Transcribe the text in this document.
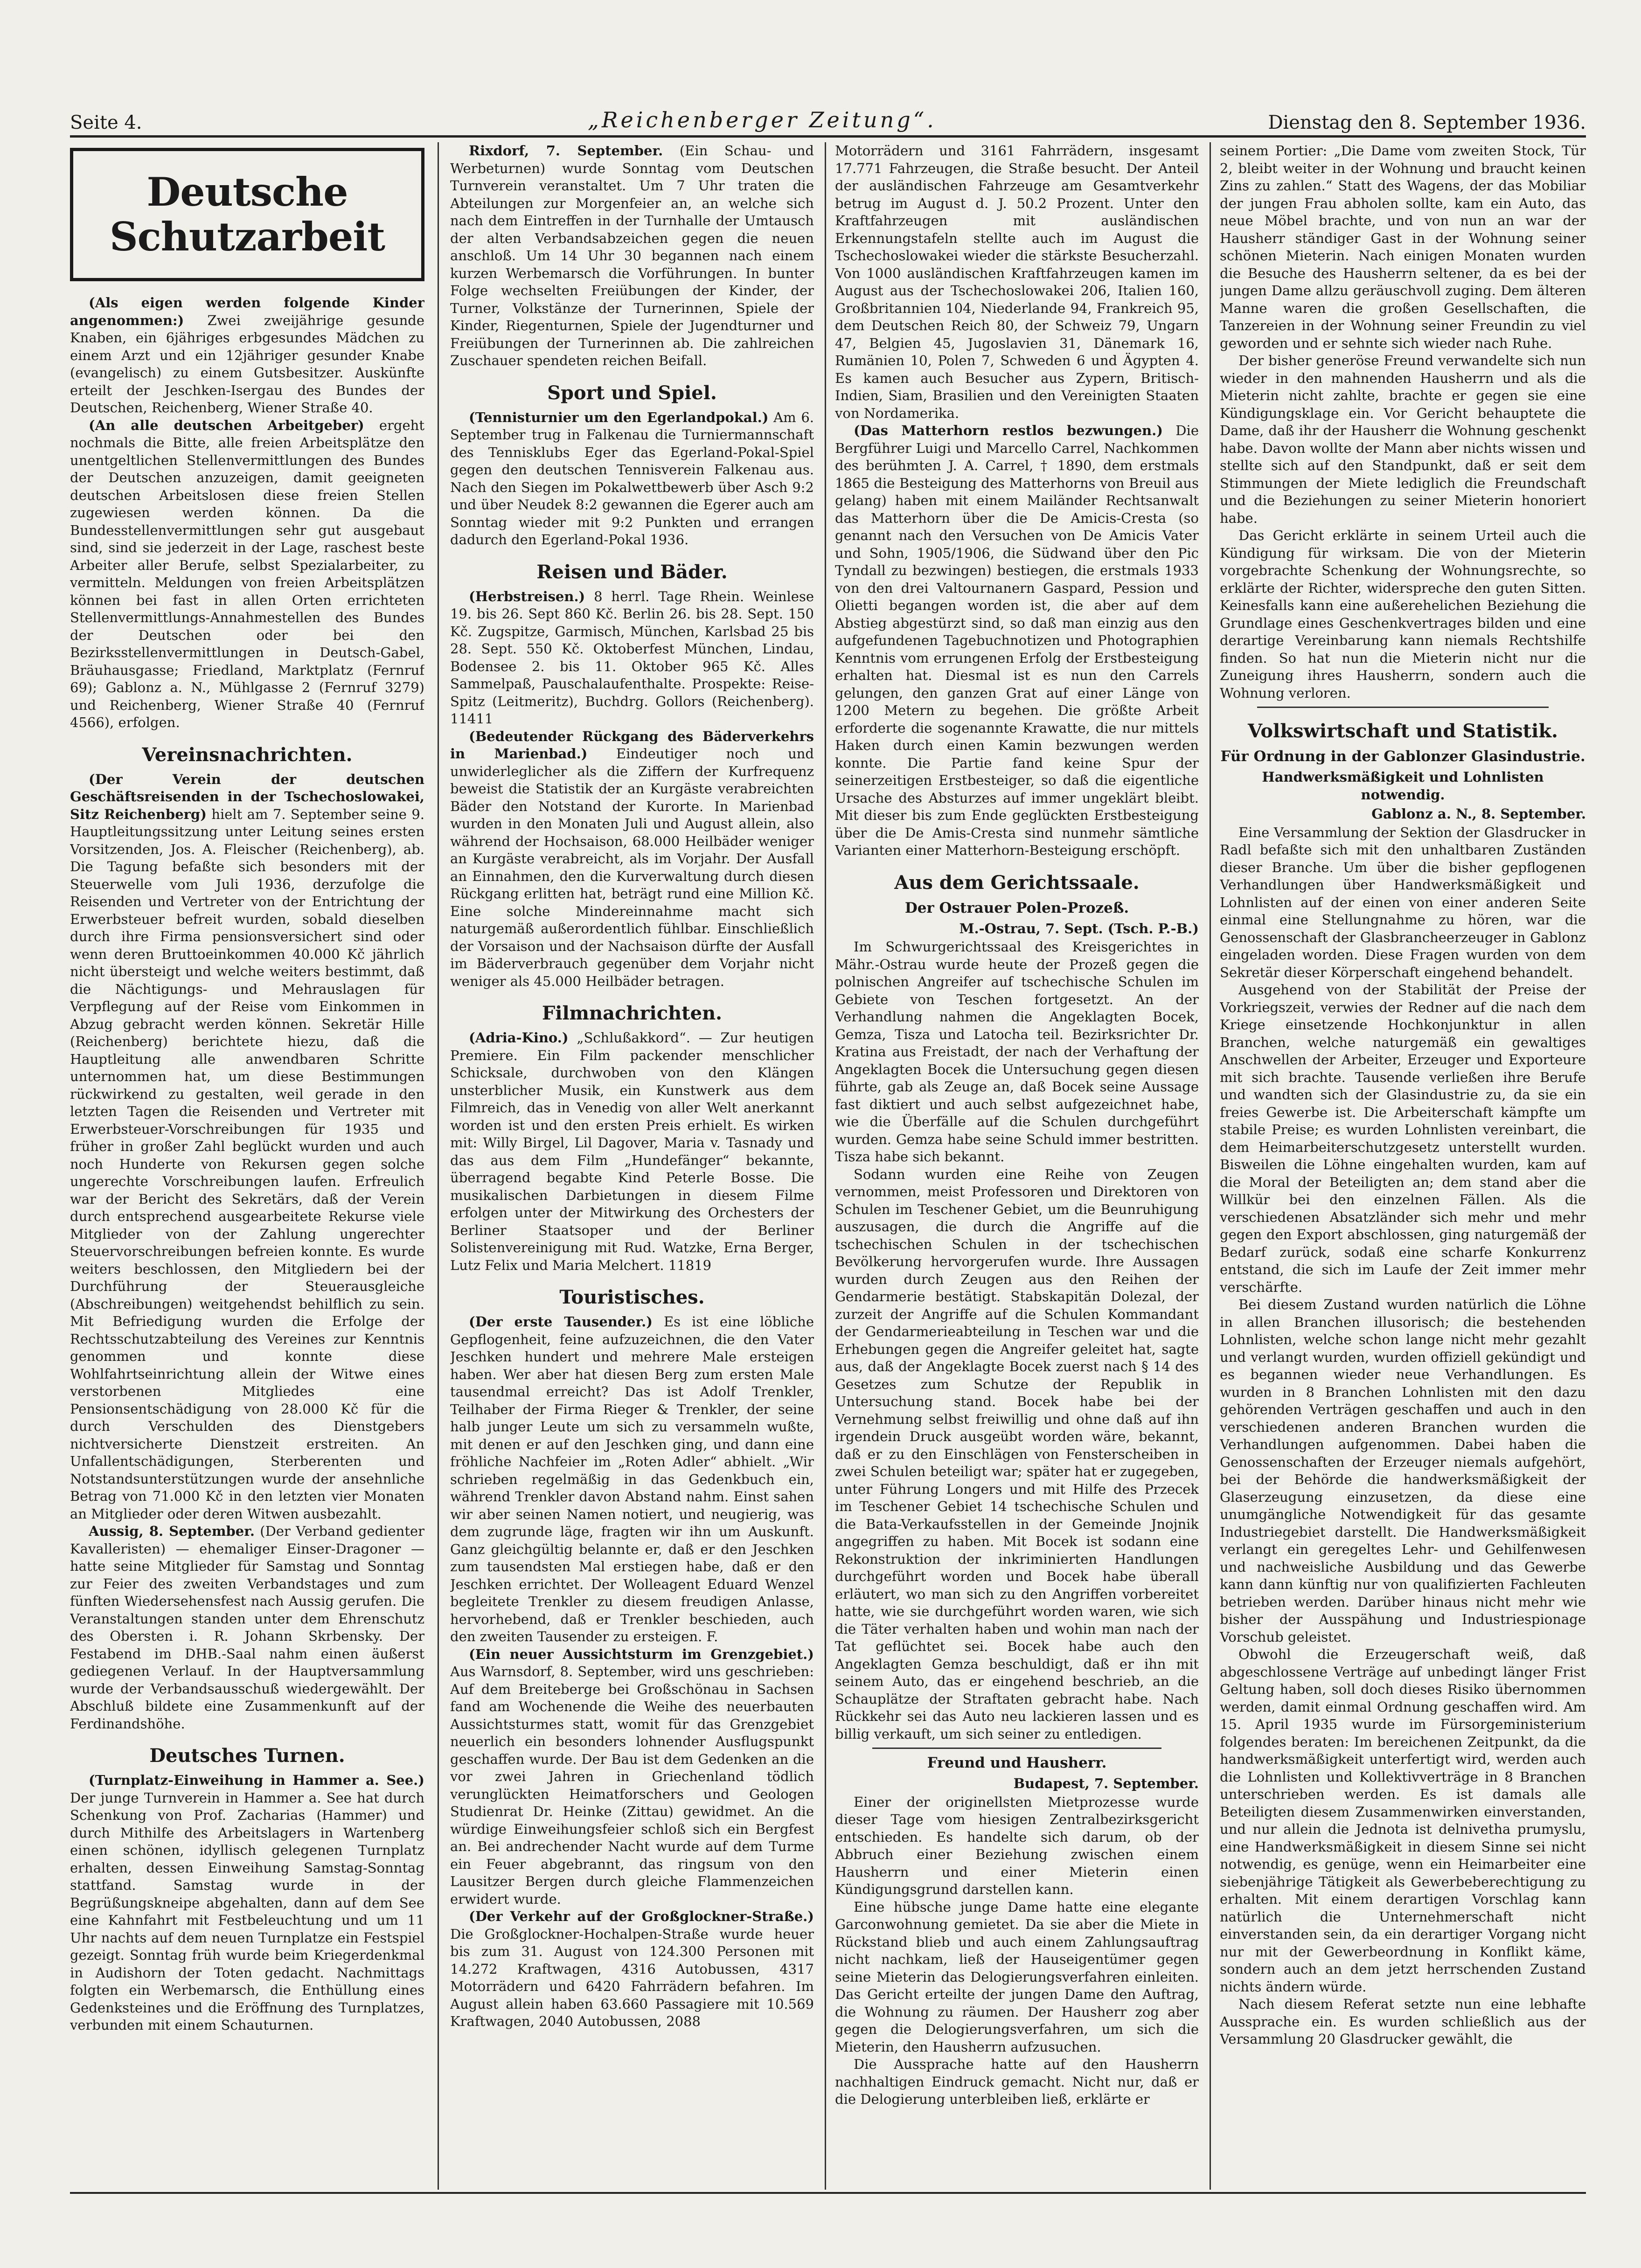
Seite 4.	„Reichenberger Zeitung“.	Dienstag den 8. September 1936.
Deutsche Schutzarbeit

(Als eigen werden folgende Kinder angenommen:) Zwei zweijährige gesunde Knaben, ein 6jähriges erbgesundes Mädchen zu einem Arzt und ein 12jähriger gesunder Knabe (evangelisch) zu einem Gutsbesitzer. Auskünfte erteilt der Jeschken-Isergau des Bundes der Deutschen, Reichenberg, Wiener Straße 40.

(An alle deutschen Arbeitgeber) ergeht nochmals die Bitte, alle freien Arbeitsplätze den unentgeltlichen Stellenvermittlungen des Bundes der Deutschen anzuzeigen, damit geeigneten deutschen Arbeitslosen diese freien Stellen zugewiesen werden können. Da die Bundesstellenvermittlungen sehr gut ausgebaut sind, sind sie jederzeit in der Lage, raschest beste Arbeiter aller Berufe, selbst Spezialarbeiter, zu vermitteln. Meldungen von freien Arbeitsplätzen können bei fast in allen Orten errichteten Stellenvermittlungs-Annahmestellen des Bundes der Deutschen oder bei den Bezirksstellenvermittlungen in Deutsch-Gabel, Bräuhausgasse; Friedland, Marktplatz (Fernruf 69); Gablonz a. N., Mühlgasse 2 (Fernruf 3279) und Reichenberg, Wiener Straße 40 (Fernruf 4566), erfolgen.

Vereinsnachrichten.

(Der Verein der deutschen Geschäftsreisenden in der Tschechoslowakei, Sitz Reichenberg) hielt am 7. September seine 9. Hauptleitungssitzung unter Leitung seines ersten Vorsitzenden, Jos. A. Fleischer (Reichenberg), ab. Die Tagung befaßte sich besonders mit der Steuerwelle vom Juli 1936, derzufolge die Reisenden und Vertreter von der Entrichtung der Erwerbsteuer befreit wurden, sobald dieselben durch ihre Firma pensionsversichert sind oder wenn deren Bruttoeinkommen 40.000 Kč jährlich nicht übersteigt und welche weiters bestimmt, daß die Nächtigungs- und Mehrauslagen für Verpflegung auf der Reise vom Einkommen in Abzug gebracht werden können. Sekretär Hille (Reichenberg) berichtete hiezu, daß die Hauptleitung alle anwendbaren Schritte unternommen hat, um diese Bestimmungen rückwirkend zu gestalten, weil gerade in den letzten Tagen die Reisenden und Vertreter mit Erwerbsteuer-Vorschreibungen für 1935 und früher in großer Zahl beglückt wurden und auch noch Hunderte von Rekursen gegen solche ungerechte Vorschreibungen laufen. Erfreulich war der Bericht des Sekretärs, daß der Verein durch entsprechend ausgearbeitete Rekurse viele Mitglieder von der Zahlung ungerechter Steuervorschreibungen befreien konnte. Es wurde weiters beschlossen, den Mitgliedern bei der Durchführung der Steuerausgleiche (Abschreibungen) weitgehendst behilflich zu sein. Mit Befriedigung wurden die Erfolge der Rechtsschutzabteilung des Vereines zur Kenntnis genommen und konnte diese Wohlfahrtseinrichtung allein der Witwe eines verstorbenen Mitgliedes eine Pensionsentschädigung von 28.000 Kč für die durch Verschulden des Dienstgebers nichtversicherte Dienstzeit erstreiten. An Unfallentschädigungen, Sterberenten und Notstandsunterstützungen wurde der ansehnliche Betrag von 71.000 Kč in den letzten vier Monaten an Mitglieder oder deren Witwen ausbezahlt.

Aussig, 8. September. (Der Verband gedienter Kavalleristen) — ehemaliger Einser-Dragoner — hatte seine Mitglieder für Samstag und Sonntag zur Feier des zweiten Verbandstages und zum fünften Wiedersehensfest nach Aussig gerufen. Die Veranstaltungen standen unter dem Ehrenschutz des Obersten i. R. Johann Skrbensky. Der Festabend im DHB.-Saal nahm einen äußerst gediegenen Verlauf. In der Hauptversammlung wurde der Verbandsausschuß wiedergewählt. Der Abschluß bildete eine Zusammenkunft auf der Ferdinandshöhe.

Deutsches Turnen.

(Turnplatz-Einweihung in Hammer a. See.) Der junge Turnverein in Hammer a. See hat durch Schenkung von Prof. Zacharias (Hammer) und durch Mithilfe des Arbeitslagers in Wartenberg einen schönen, idyllisch gelegenen Turnplatz erhalten, dessen Einweihung Samstag-Sonntag stattfand. Samstag wurde in der Begrüßungskneipe abgehalten, dann auf dem See eine Kahnfahrt mit Festbeleuchtung und um 11 Uhr nachts auf dem neuen Turnplatze ein Festspiel gezeigt. Sonntag früh wurde beim Kriegerdenkmal in Audishorn der Toten gedacht. Nachmittags folgten ein Werbemarsch, die Enthüllung eines Gedenksteines und die Eröffnung des Turnplatzes, verbunden mit einem Schauturnen.

Rixdorf, 7. September. (Ein Schau- und Werbeturnen) wurde Sonntag vom Deutschen Turnverein veranstaltet. Um 7 Uhr traten die Abteilungen zur Morgenfeier an, an welche sich nach dem Eintreffen in der Turnhalle der Umtausch der alten Verbandsabzeichen gegen die neuen anschloß. Um 14 Uhr 30 begannen nach einem kurzen Werbemarsch die Vorführungen. In bunter Folge wechselten Freiübungen der Kinder, der Turner, Volkstänze der Turnerinnen, Spiele der Kinder, Riegenturnen, Spiele der Jugendturner und Freiübungen der Turnerinnen ab. Die zahlreichen Zuschauer spendeten reichen Beifall.

Sport und Spiel.

(Tennisturnier um den Egerlandpokal.) Am 6. September trug in Falkenau die Turniermannschaft des Tennisklubs Eger das Egerland-Pokal-Spiel gegen den deutschen Tennisverein Falkenau aus. Nach den Siegen im Pokalwettbewerb über Asch 9:2 und über Neudek 8:2 gewannen die Egerer auch am Sonntag wieder mit 9:2 Punkten und errangen dadurch den Egerland-Pokal 1936.

Reisen und Bäder.

(Herbstreisen.) 8 herrl. Tage Rhein. Weinlese 19. bis 26. Sept 860 Kč. Berlin 26. bis 28. Sept. 150 Kč. Zugspitze, Garmisch, München, Karlsbad 25 bis 28. Sept. 550 Kč. Oktoberfest München, Lindau, Bodensee 2. bis 11. Oktober 965 Kč. Alles Sammelpaß, Pauschalaufenthalte. Prospekte: Reise-Spitz (Leitmeritz), Buchdrg. Gollors (Reichenberg). 11411

(Bedeutender Rückgang des Bäderverkehrs in Marienbad.) Eindeutiger noch und unwiderleglicher als die Ziffern der Kurfrequenz beweist die Statistik der an Kurgäste verabreichten Bäder den Notstand der Kurorte. In Marienbad wurden in den Monaten Juli und August allein, also während der Hochsaison, 68.000 Heilbäder weniger an Kurgäste verabreicht, als im Vorjahr. Der Ausfall an Einnahmen, den die Kurverwaltung durch diesen Rückgang erlitten hat, beträgt rund eine Million Kč. Eine solche Mindereinnahme macht sich naturgemäß außerordentlich fühlbar. Einschließlich der Vorsaison und der Nachsaison dürfte der Ausfall im Bäderverbrauch gegenüber dem Vorjahr nicht weniger als 45.000 Heilbäder betragen.

Filmnachrichten.

(Adria-Kino.) „Schlußakkord“. — Zur heutigen Premiere. Ein Film packender menschlicher Schicksale, durchwoben von den Klängen unsterblicher Musik, ein Kunstwerk aus dem Filmreich, das in Venedig von aller Welt anerkannt worden ist und den ersten Preis erhielt. Es wirken mit: Willy Birgel, Lil Dagover, Maria v. Tasnady und das aus dem Film „Hundefänger“ bekannte, überragend begabte Kind Peterle Bosse. Die musikalischen Darbietungen in diesem Filme erfolgen unter der Mitwirkung des Orchesters der Berliner Staatsoper und der Berliner Solistenvereinigung mit Rud. Watzke, Erna Berger, Lutz Felix und Maria Melchert. 11819

Touristisches.

(Der erste Tausender.) Es ist eine löbliche Gepflogenheit, feine aufzuzeichnen, die den Vater Jeschken hundert und mehrere Male ersteigen haben. Wer aber hat diesen Berg zum ersten Male tausendmal erreicht? Das ist Adolf Trenkler, Teilhaber der Firma Rieger & Trenkler, der seine halb junger Leute um sich zu versammeln wußte, mit denen er auf den Jeschken ging, und dann eine fröhliche Nachfeier im „Roten Adler“ abhielt. „Wir schrieben regelmäßig in das Gedenkbuch ein, während Trenkler davon Abstand nahm. Einst sahen wir aber seinen Namen notiert, und neugierig, was dem zugrunde läge, fragten wir ihn um Auskunft. Ganz gleichgültig belannte er, daß er den Jeschken zum tausendsten Mal erstiegen habe, daß er den Jeschken errichtet. Der Wolleagent Eduard Wenzel begleitete Trenkler zu diesem freudigen Anlasse, hervorhebend, daß er Trenkler beschieden, auch den zweiten Tausender zu ersteigen. F.

(Ein neuer Aussichtsturm im Grenzgebiet.) Aus Warnsdorf, 8. September, wird uns geschrieben: Auf dem Breiteberge bei Großschönau in Sachsen fand am Wochenende die Weihe des neuerbauten Aussichtsturmes statt, womit für das Grenzgebiet neuerlich ein besonders lohnender Ausflugspunkt geschaffen wurde. Der Bau ist dem Gedenken an die vor zwei Jahren in Griechenland tödlich verunglückten Heimatforschers und Geologen Studienrat Dr. Heinke (Zittau) gewidmet. An die würdige Einweihungsfeier schloß sich ein Bergfest an. Bei andrechender Nacht wurde auf dem Turme ein Feuer abgebrannt, das ringsum von den Lausitzer Bergen durch gleiche Flammenzeichen erwidert wurde.

(Der Verkehr auf der Großglockner-Straße.) Die Großglockner-Hochalpen-Straße wurde heuer bis zum 31. August von 124.300 Personen mit 14.272 Kraftwagen, 4316 Autobussen, 4317 Motorrädern und 6420 Fahrrädern befahren. Im August allein haben 63.660 Passagiere mit 10.569 Kraftwagen, 2040 Autobussen, 2088

Motorrädern und 3161 Fahrrädern, insgesamt 17.771 Fahrzeugen, die Straße besucht. Der Anteil der ausländischen Fahrzeuge am Gesamtverkehr betrug im August d. J. 50.2 Prozent. Unter den Kraftfahrzeugen mit ausländischen Erkennungstafeln stellte auch im August die Tschechoslowakei wieder die stärkste Besucherzahl. Von 1000 ausländischen Kraftfahrzeugen kamen im August aus der Tschechoslowakei 206, Italien 160, Großbritannien 104, Niederlande 94, Frankreich 95, dem Deutschen Reich 80, der Schweiz 79, Ungarn 47, Belgien 45, Jugoslavien 31, Dänemark 16, Rumänien 10, Polen 7, Schweden 6 und Ägypten 4. Es kamen auch Besucher aus Zypern, Britisch-Indien, Siam, Brasilien und den Vereinigten Staaten von Nordamerika.

(Das Matterhorn restlos bezwungen.) Die Bergführer Luigi und Marcello Carrel, Nachkommen des berühmten J. A. Carrel, † 1890, dem erstmals 1865 die Besteigung des Matterhorns von Breuil aus gelang) haben mit einem Mailänder Rechtsanwalt das Matterhorn über die De Amicis-Cresta (so genannt nach den Versuchen von De Amicis Vater und Sohn, 1905/1906, die Südwand über den Pic Tyndall zu bezwingen) bestiegen, die erstmals 1933 von den drei Valtournanern Gaspard, Pession und Olietti begangen worden ist, die aber auf dem Abstieg abgestürzt sind, so daß man einzig aus den aufgefundenen Tagebuchnotizen und Photographien Kenntnis vom errungenen Erfolg der Erstbesteigung erhalten hat. Diesmal ist es nun den Carrels gelungen, den ganzen Grat auf einer Länge von 1200 Metern zu begehen. Die größte Arbeit erforderte die sogenannte Krawatte, die nur mittels Haken durch einen Kamin bezwungen werden konnte. Die Partie fand keine Spur der seinerzeitigen Erstbesteiger, so daß die eigentliche Ursache des Absturzes auf immer ungeklärt bleibt. Mit dieser bis zum Ende geglückten Erstbesteigung über die De Amis-Cresta sind nunmehr sämtliche Varianten einer Matterhorn-Besteigung erschöpft.

Aus dem Gerichtssaale.
Der Ostrauer Polen-Prozeß.
M.-Ostrau, 7. Sept. (Tsch. P.-B.)

Im Schwurgerichtssaal des Kreisgerichtes in Mähr.-Ostrau wurde heute der Prozeß gegen die polnischen Angreifer auf tschechische Schulen im Gebiete von Teschen fortgesetzt. An der Verhandlung nahmen die Angeklagten Bocek, Gemza, Tisza und Latocha teil. Bezirksrichter Dr. Kratina aus Freistadt, der nach der Verhaftung der Angeklagten Bocek die Untersuchung gegen diesen führte, gab als Zeuge an, daß Bocek seine Aussage fast diktiert und auch selbst aufgezeichnet habe, wie die Überfälle auf die Schulen durchgeführt wurden. Gemza habe seine Schuld immer bestritten. Tisza habe sich bekannt.

Sodann wurden eine Reihe von Zeugen vernommen, meist Professoren und Direktoren von Schulen im Teschener Gebiet, um die Beunruhigung auszusagen, die durch die Angriffe auf die tschechischen Schulen in der tschechischen Bevölkerung hervorgerufen wurde. Ihre Aussagen wurden durch Zeugen aus den Reihen der Gendarmerie bestätigt. Stabskapitän Dolezal, der zurzeit der Angriffe auf die Schulen Kommandant der Gendarmerieabteilung in Teschen war und die Erhebungen gegen die Angreifer geleitet hat, sagte aus, daß der Angeklagte Bocek zuerst nach § 14 des Gesetzes zum Schutze der Republik in Untersuchung stand. Bocek habe bei der Vernehmung selbst freiwillig und ohne daß auf ihn irgendein Druck ausgeübt worden wäre, bekannt, daß er zu den Einschlägen von Fensterscheiben in zwei Schulen beteiligt war; später hat er zugegeben, unter Führung Longers und mit Hilfe des Przecek im Teschener Gebiet 14 tschechische Schulen und die Bata-Verkaufsstellen in der Gemeinde Jnojnik angegriffen zu haben. Mit Bocek ist sodann eine Rekonstruktion der inkriminierten Handlungen durchgeführt worden und Bocek habe überall erläutert, wo man sich zu den Angriffen vorbereitet hatte, wie sie durchgeführt worden waren, wie sich die Täter verhalten haben und wohin man nach der Tat geflüchtet sei. Bocek habe auch den Angeklagten Gemza beschuldigt, daß er ihn mit seinem Auto, das er eingehend beschrieb, an die Schauplätze der Straftaten gebracht habe. Nach Rückkehr sei das Auto neu lackieren lassen und es billig verkauft, um sich seiner zu entledigen.

Freund und Hausherr.
Budapest, 7. September.

Einer der originellsten Mietprozesse wurde dieser Tage vom hiesigen Zentralbezirksgericht entschieden. Es handelte sich darum, ob der Abbruch einer Beziehung zwischen einem Hausherrn und einer Mieterin einen Kündigungsgrund darstellen kann.

Eine hübsche junge Dame hatte eine elegante Garconwohnung gemietet. Da sie aber die Miete in Rückstand blieb und auch einem Zahlungsauftrag nicht nachkam, ließ der Hauseigentümer gegen seine Mieterin das Delogierungsverfahren einleiten. Das Gericht erteilte der jungen Dame den Auftrag, die Wohnung zu räumen. Der Hausherr zog aber gegen die Delogierungsverfahren, um sich die Mieterin, den Hausherrn aufzusuchen.

Die Aussprache hatte auf den Hausherrn nachhaltigen Eindruck gemacht. Nicht nur, daß er die Delogierung unterbleiben ließ, erklärte er

seinem Portier: „Die Dame vom zweiten Stock, Tür 2, bleibt weiter in der Wohnung und braucht keinen Zins zu zahlen.“ Statt des Wagens, der das Mobiliar der jungen Frau abholen sollte, kam ein Auto, das neue Möbel brachte, und von nun an war der Hausherr ständiger Gast in der Wohnung seiner schönen Mieterin. Nach einigen Monaten wurden die Besuche des Hausherrn seltener, da es bei der jungen Dame allzu geräuschvoll zuging. Dem älteren Manne waren die großen Gesellschaften, die Tanzereien in der Wohnung seiner Freundin zu viel geworden und er sehnte sich wieder nach Ruhe.

Der bisher generöse Freund verwandelte sich nun wieder in den mahnenden Hausherrn und als die Mieterin nicht zahlte, brachte er gegen sie eine Kündigungsklage ein. Vor Gericht behauptete die Dame, daß ihr der Hausherr die Wohnung geschenkt habe. Davon wollte der Mann aber nichts wissen und stellte sich auf den Standpunkt, daß er seit dem Stimmungen der Miete lediglich die Freundschaft und die Beziehungen zu seiner Mieterin honoriert habe.

Das Gericht erklärte in seinem Urteil auch die Kündigung für wirksam. Die von der Mieterin vorgebrachte Schenkung der Wohnungsrechte, so erklärte der Richter, widerspreche den guten Sitten. Keinesfalls kann eine außerehelichen Beziehung die Grundlage eines Geschenkvertrages bilden und eine derartige Vereinbarung kann niemals Rechtshilfe finden. So hat nun die Mieterin nicht nur die Zuneigung ihres Hausherrn, sondern auch die Wohnung verloren.

Volkswirtschaft und Statistik.
Für Ordnung in der Gablonzer Glasindustrie.
Handwerksmäßigkeit und Lohnlisten notwendig.
Gablonz a. N., 8. September.

Eine Versammlung der Sektion der Glasdrucker in Radl befaßte sich mit den unhaltbaren Zuständen dieser Branche. Um über die bisher gepflogenen Verhandlungen über Handwerksmäßigkeit und Lohnlisten auf der einen von einer anderen Seite einmal eine Stellungnahme zu hören, war die Genossenschaft der Glasbrancheerzeuger in Gablonz eingeladen worden. Diese Fragen wurden von dem Sekretär dieser Körperschaft eingehend behandelt.

Ausgehend von der Stabilität der Preise der Vorkriegszeit, verwies der Redner auf die nach dem Kriege einsetzende Hochkonjunktur in allen Branchen, welche naturgemäß ein gewaltiges Anschwellen der Arbeiter, Erzeuger und Exporteure mit sich brachte. Tausende verließen ihre Berufe und wandten sich der Glasindustrie zu, da sie ein freies Gewerbe ist. Die Arbeiterschaft kämpfte um stabile Preise; es wurden Lohnlisten vereinbart, die dem Heimarbeiterschutzgesetz unterstellt wurden. Bisweilen die Löhne eingehalten wurden, kam auf die Moral der Beteiligten an; dem stand aber die Willkür bei den einzelnen Fällen. Als die verschiedenen Absatzländer sich mehr und mehr gegen den Export abschlossen, ging naturgemäß der Bedarf zurück, sodaß eine scharfe Konkurrenz entstand, die sich im Laufe der Zeit immer mehr verschärfte.

Bei diesem Zustand wurden natürlich die Löhne in allen Branchen illusorisch; die bestehenden Lohnlisten, welche schon lange nicht mehr gezahlt und verlangt wurden, wurden offiziell gekündigt und es begannen wieder neue Verhandlungen. Es wurden in 8 Branchen Lohnlisten mit den dazu gehörenden Verträgen geschaffen und auch in den verschiedenen anderen Branchen wurden die Verhandlungen aufgenommen. Dabei haben die Genossenschaften der Erzeuger niemals aufgehört, bei der Behörde die handwerksmäßigkeit der Glaserzeugung einzusetzen, da diese eine unumgängliche Notwendigkeit für das gesamte Industriegebiet darstellt. Die Handwerksmäßigkeit verlangt ein geregeltes Lehr- und Gehilfenwesen und nachweisliche Ausbildung und das Gewerbe kann dann künftig nur von qualifizierten Fachleuten betrieben werden. Darüber hinaus nicht mehr wie bisher der Ausspähung und Industriespionage Vorschub geleistet.

Obwohl die Erzeugerschaft weiß, daß abgeschlossene Verträge auf unbedingt länger Frist Geltung haben, soll doch dieses Risiko übernommen werden, damit einmal Ordnung geschaffen wird. Am 15. April 1935 wurde im Fürsorgeministerium folgendes beraten: Im bereichenen Zeitpunkt, da die handwerksmäßigkeit unterfertigt wird, werden auch die Lohnlisten und Kollektivverträge in 8 Branchen unterschrieben werden. Es ist damals alle Beteiligten diesem Zusammenwirken einverstanden, und nur allein die Jednota ist delnivetha prumyslu, eine Handwerksmäßigkeit in diesem Sinne sei nicht notwendig, es genüge, wenn ein Heimarbeiter eine siebenjährige Tätigkeit als Gewerbeberechtigung zu erhalten. Mit einem derartigen Vorschlag kann natürlich die Unternehmerschaft nicht einverstanden sein, da ein derartiger Vorgang nicht nur mit der Gewerbeordnung in Konflikt käme, sondern auch an dem jetzt herrschenden Zustand nichts ändern würde.

Nach diesem Referat setzte nun eine lebhafte Aussprache ein. Es wurden schließlich aus der Versammlung 20 Glasdrucker gewählt, die
